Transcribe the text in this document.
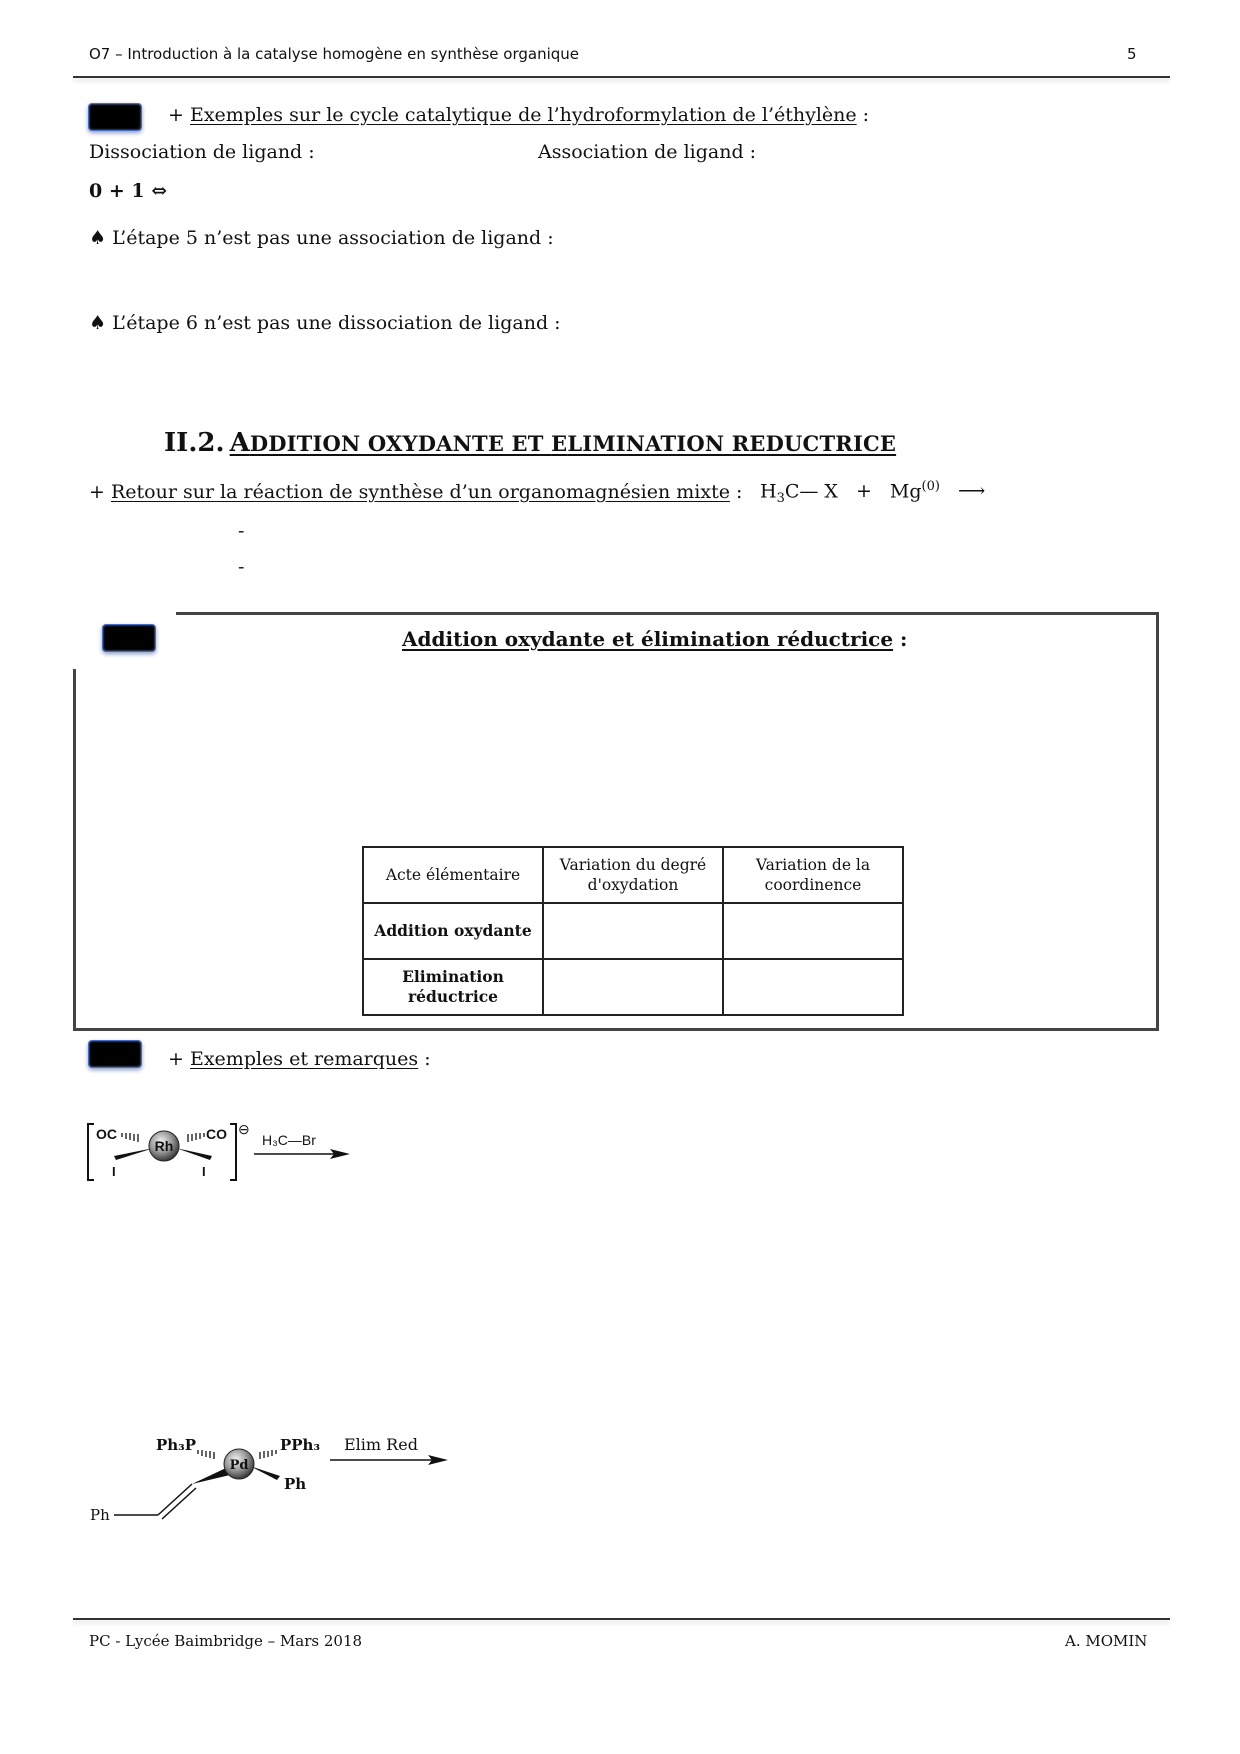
O7 – Introduction à la catalyse homogène en synthèse organique	5
+ Exemples sur le cycle catalytique de l’hydroformylation de l’éthylène :
Dissociation de ligand :	Association de ligand :
0 + 1 ⇔
♠ L’étape 5 n’est pas une association de ligand :
♠ L’étape 6 n’est pas une dissociation de ligand :
II.2. ADDITION OXYDANTE ET ELIMINATION REDUCTRICE
+ Retour sur la réaction de synthèse d’un organomagnésien mixte : $H_3C—$ $X + Mg^{(0)}$ ⟶
-
-
Addition oxydante et élimination réductrice :
Acte élémentaire	Variation du degré d'oxydation	Variation de la coordinence
Addition oxydante		
Elimination réductrice		
+ Exemples et remarques :
Rh
OC	CO
I	I
⊖
H₃C—Br
Pd
Ph₃P	PPh₃
Ph
Ph
Elim Red
PC - Lycée Baimbridge – Mars 2018	A. MOMIN
